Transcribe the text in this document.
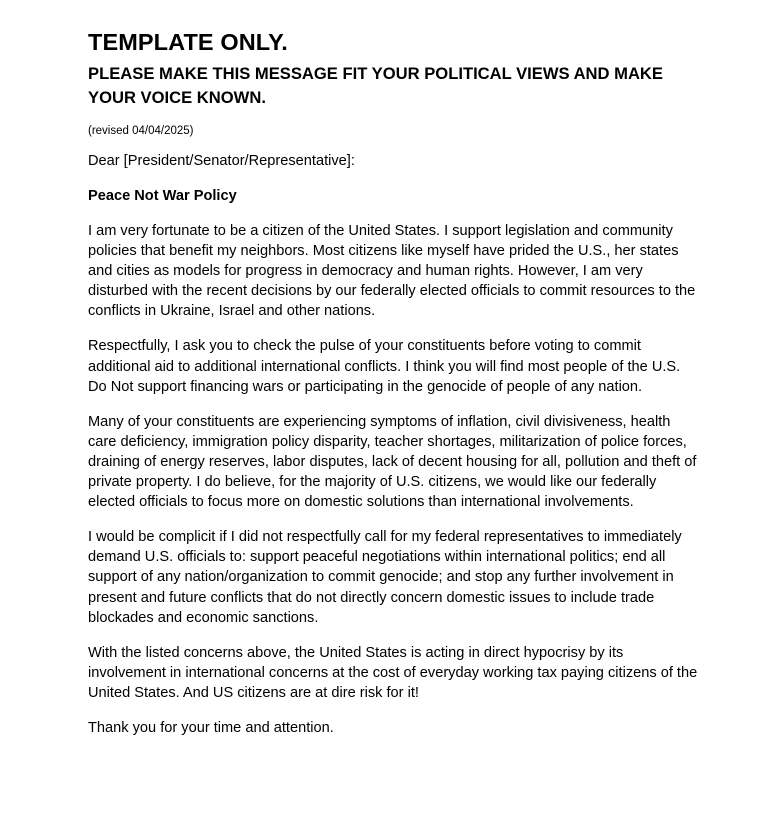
TEMPLATE ONLY.
PLEASE MAKE THIS MESSAGE FIT YOUR POLITICAL VIEWS AND MAKE YOUR VOICE KNOWN.

(revised 04/04/2025)

Dear [President/Senator/Representative]:

Peace Not War Policy

I am very fortunate to be a citizen of the United States. I support legislation and community policies that benefit my neighbors. Most citizens like myself have prided the U.S., her states and cities as models for progress in democracy and human rights. However, I am very disturbed with the recent decisions by our federally elected officials to commit resources to the conflicts in Ukraine, Israel and other nations.

Respectfully, I ask you to check the pulse of your constituents before voting to commit additional aid to additional international conflicts. I think you will find most people of the U.S. Do Not support financing wars or participating in the genocide of people of any nation.

Many of your constituents are experiencing symptoms of inflation, civil divisiveness, health care deficiency, immigration policy disparity, teacher shortages, militarization of police forces, draining of energy reserves, labor disputes, lack of decent housing for all, pollution and theft of private property. I do believe, for the majority of U.S. citizens, we would like our federally elected officials to focus more on domestic solutions than international involvements.

I would be complicit if I did not respectfully call for my federal representatives to immediately demand U.S. officials to: support peaceful negotiations within international politics; end all support of any nation/organization to commit genocide; and stop any further involvement in present and future conflicts that do not directly concern domestic issues to include trade blockades and economic sanctions.

With the listed concerns above, the United States is acting in direct hypocrisy by its involvement in international concerns at the cost of everyday working tax paying citizens of the United States. And US citizens are at dire risk for it!

Thank you for your time and attention.
